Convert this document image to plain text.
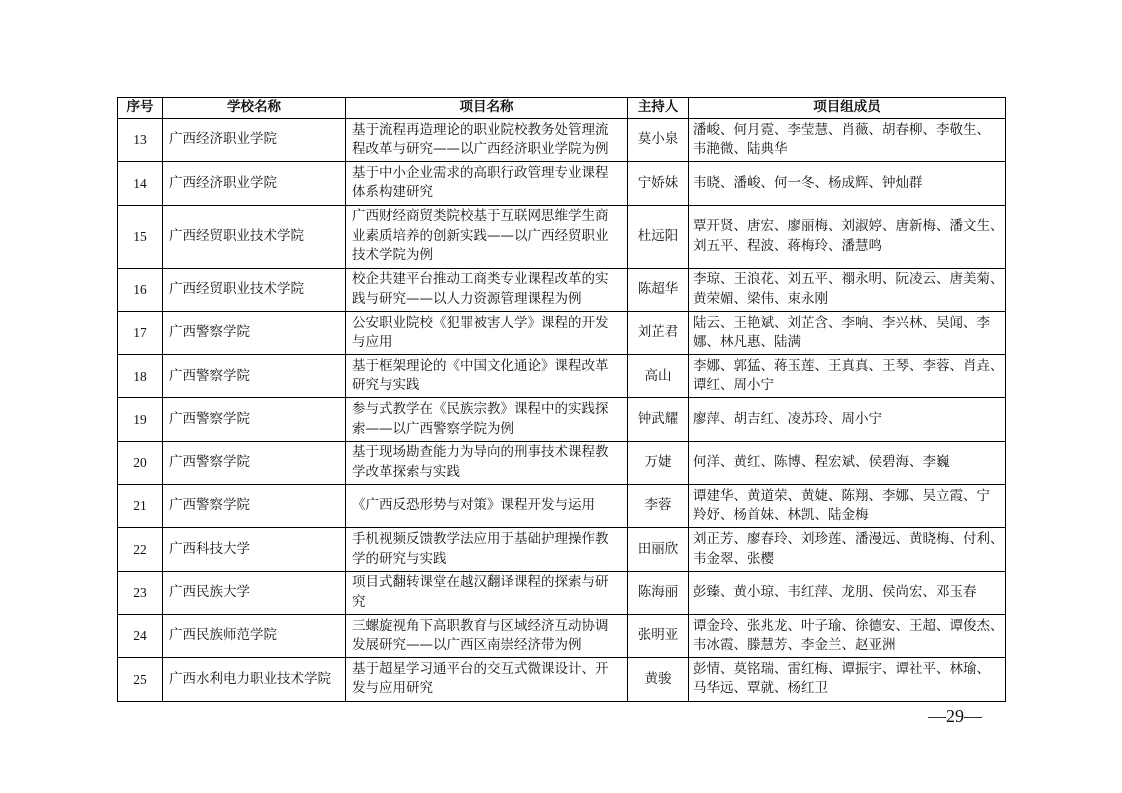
序号	学校名称	项目名称	主持人	项目组成员
13	广西经济职业学院	基于流程再造理论的职业院校教务处管理流
程改革与研究——以广西经济职业学院为例	莫小泉	潘峻、何月霓、李莹慧、肖薇、胡春柳、李敬生、
韦滟微、陆典华
14	广西经济职业学院	基于中小企业需求的高职行政管理专业课程
体系构建研究	宁娇妹	韦晓、潘峻、何一冬、杨成辉、钟灿群
15	广西经贸职业技术学院	广西财经商贸类院校基于互联网思维学生商
业素质培养的创新实践——以广西经贸职业
技术学院为例	杜远阳	覃开贤、唐宏、廖丽梅、刘淑婷、唐新梅、潘文生、
刘五平、程波、蒋梅玲、潘慧鸣
16	广西经贸职业技术学院	校企共建平台推动工商类专业课程改革的实
践与研究——以人力资源管理课程为例	陈超华	李琼、王浪花、刘五平、禤永明、阮凌云、唐美菊、
黄荣媚、梁伟、束永刚
17	广西警察学院	公安职业院校《犯罪被害人学》课程的开发
与应用	刘芷君	陆云、王艳斌、刘芷含、李响、李兴林、吴闻、李
娜、林凡惠、陆满
18	广西警察学院	基于框架理论的《中国文化通论》课程改革
研究与实践	高山	李娜、郭猛、蒋玉莲、王真真、王琴、李蓉、肖垚、
谭红、周小宁
19	广西警察学院	参与式教学在《民族宗教》课程中的实践探
索——以广西警察学院为例	钟武耀	廖萍、胡吉红、凌苏玲、周小宁
20	广西警察学院	基于现场勘查能力为导向的刑事技术课程教
学改革探索与实践	万婕	何洋、黄红、陈博、程宏斌、侯碧海、李巍
21	广西警察学院	《广西反恐形势与对策》课程开发与运用	李蓉	谭建华、黄道荣、黄婕、陈翔、李娜、吴立霞、宁
羚妤、杨首妹、林凯、陆金梅
22	广西科技大学	手机视频反馈教学法应用于基础护理操作教
学的研究与实践	田丽欣	刘正芳、廖春玲、刘珍莲、潘漫远、黄晓梅、付利、
韦金翠、张樱
23	广西民族大学	项目式翻转课堂在越汉翻译课程的探索与研
究	陈海丽	彭臻、黄小琼、韦红萍、龙朋、侯尚宏、邓玉春
24	广西民族师范学院	三螺旋视角下高职教育与区域经济互动协调
发展研究——以广西区南崇经济带为例	张明亚	谭金玲、张兆龙、叶子瑜、徐德安、王超、谭俊杰、
韦冰霞、滕慧芳、李金兰、赵亚洲
25	广西水利电力职业技术学院	基于超星学习通平台的交互式微课设计、开
发与应用研究	黄骏	彭情、莫铭瑞、雷红梅、谭振宇、谭社平、林瑜、
马华远、覃就、杨红卫
—29—
